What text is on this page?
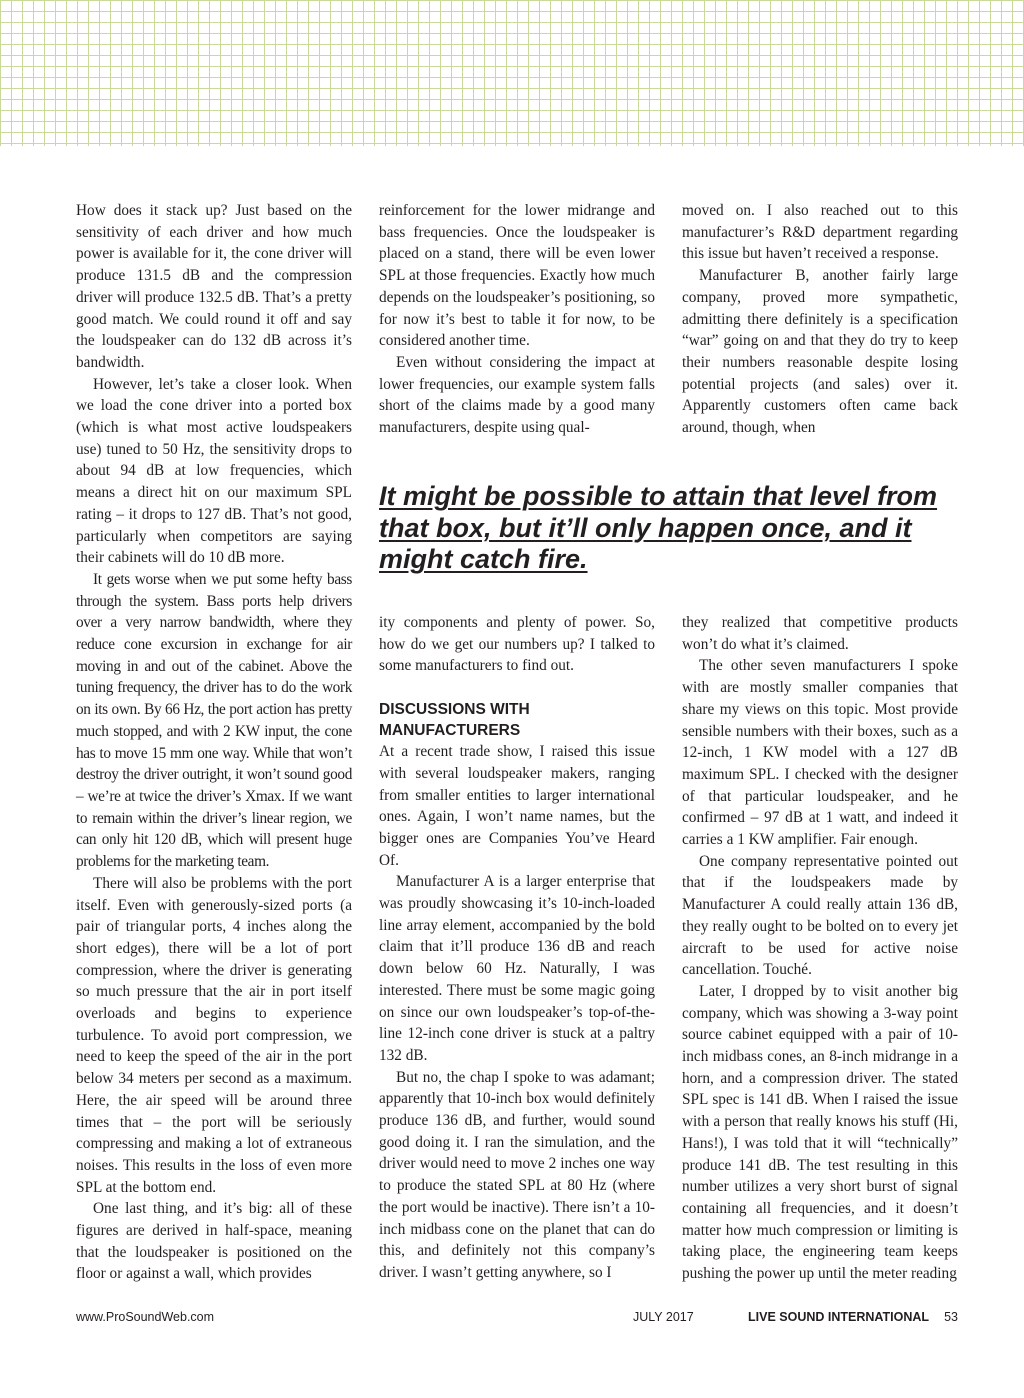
How does it stack up? Just based on the sensitivity of each driver and how much power is available for it, the cone driver will produce 131.5 dB and the compression driver will produce 132.5 dB. That’s a pretty good match. We could round it off and say the loudspeaker can do 132 dB across it’s bandwidth.

However, let’s take a closer look. When we load the cone driver into a ported box (which is what most active loudspeakers use) tuned to 50 Hz, the sensitivity drops to about 94 dB at low frequencies, which means a direct hit on our maximum SPL rating – it drops to 127 dB. That’s not good, particularly when competitors are saying their cabinets will do 10 dB more.

It gets worse when we put some hefty bass through the system. Bass ports help drivers over a very narrow bandwidth, where they reduce cone excursion in exchange for air moving in and out of the cabinet. Above the tuning frequency, the driver has to do the work on its own. By 66 Hz, the port action has pretty much stopped, and with 2 KW input, the cone has to move 15 mm one way. While that won’t destroy the driver outright, it won’t sound good – we’re at twice the driver’s Xmax. If we want to remain within the driver’s linear region, we can only hit 120 dB, which will present huge problems for the marketing team.

There will also be problems with the port itself. Even with generously-sized ports (a pair of triangular ports, 4 inches along the short edges), there will be a lot of port compression, where the driver is generating so much pressure that the air in port itself overloads and begins to experience turbulence. To avoid port compression, we need to keep the speed of the air in the port below 34 meters per second as a maximum. Here, the air speed will be around three times that – the port will be seriously compressing and making a lot of extraneous noises. This results in the loss of even more SPL at the bottom end.

One last thing, and it’s big: all of these figures are derived in half-space, meaning that the loudspeaker is positioned on the floor or against a wall, which provides

reinforcement for the lower midrange and bass frequencies. Once the loudspeaker is placed on a stand, there will be even lower SPL at those frequencies. Exactly how much depends on the loudspeaker’s positioning, so for now it’s best to table it for now, to be considered another time.

Even without considering the impact at lower frequencies, our example system falls short of the claims made by a good many manufacturers, despite using qual-

moved on. I also reached out to this manufacturer’s R&D department regarding this issue but haven’t received a response.

Manufacturer B, another fairly large company, proved more sympathetic, admitting there definitely is a specification “war” going on and that they do try to keep their numbers reasonable despite losing potential projects (and sales) over it. Apparently customers often came back around, though, when

It might be possible to attain that level from that box, but it’ll only happen once, and it might catch fire.

ity components and plenty of power. So, how do we get our numbers up? I talked to some manufacturers to find out.

DISCUSSIONS WITH MANUFACTURERS

At a recent trade show, I raised this issue with several loudspeaker makers, ranging from smaller entities to larger international ones. Again, I won’t name names, but the bigger ones are Companies You’ve Heard Of.

Manufacturer A is a larger enterprise that was proudly showcasing it’s 10-inch-loaded line array element, accompanied by the bold claim that it’ll produce 136 dB and reach down below 60 Hz. Naturally, I was interested. There must be some magic going on since our own loudspeaker’s top-of-the-line 12-inch cone driver is stuck at a paltry 132 dB.

But no, the chap I spoke to was adamant; apparently that 10-inch box would definitely produce 136 dB, and further, would sound good doing it. I ran the simulation, and the driver would need to move 2 inches one way to produce the stated SPL at 80 Hz (where the port would be inactive). There isn’t a 10-inch midbass cone on the planet that can do this, and definitely not this company’s driver. I wasn’t getting anywhere, so I

they realized that competitive products won’t do what it’s claimed.

The other seven manufacturers I spoke with are mostly smaller companies that share my views on this topic. Most provide sensible numbers with their boxes, such as a 12-inch, 1 KW model with a 127 dB maximum SPL. I checked with the designer of that particular loudspeaker, and he confirmed – 97 dB at 1 watt, and indeed it carries a 1 KW amplifier. Fair enough.

One company representative pointed out that if the loudspeakers made by Manufacturer A could really attain 136 dB, they really ought to be bolted on to every jet aircraft to be used for active noise cancellation. Touché.

Later, I dropped by to visit another big company, which was showing a 3-way point source cabinet equipped with a pair of 10-inch midbass cones, an 8-inch midrange in a horn, and a compression driver. The stated SPL spec is 141 dB. When I raised the issue with a person that really knows his stuff (Hi, Hans!), I was told that it will “technically” produce 141 dB. The test resulting in this number utilizes a very short burst of signal containing all frequencies, and it doesn’t matter how much compression or limiting is taking place, the engineering team keeps pushing the power up until the meter reading

www.ProSoundWeb.com	JULY 2017	LIVE SOUND INTERNATIONAL 53
